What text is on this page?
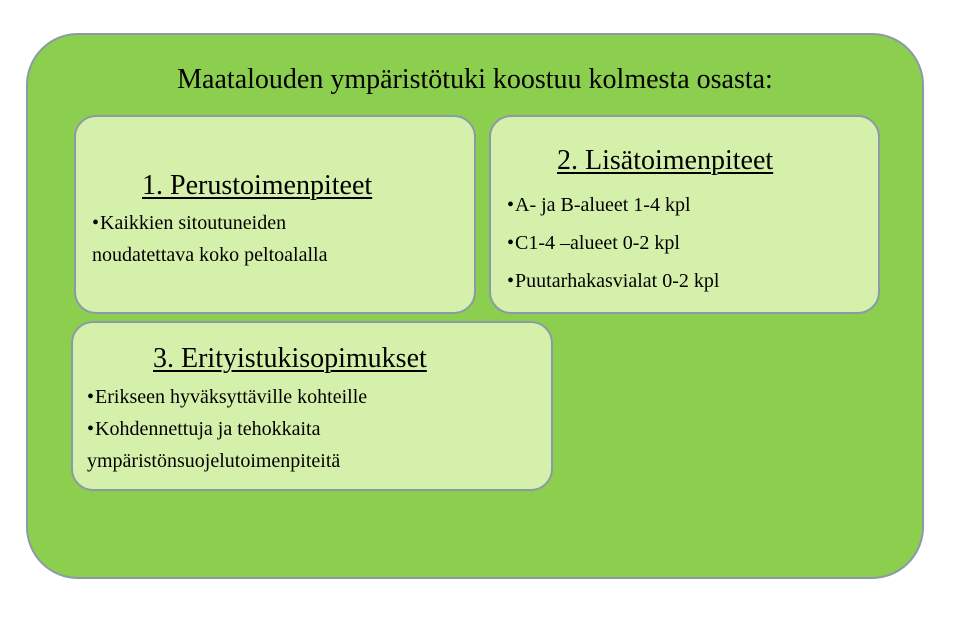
Maatalouden ympäristötuki koostuu kolmesta osasta:
1. Perustoimenpiteet
•Kaikkien sitoutuneiden
noudatettava koko peltoalalla
2. Lisätoimenpiteet
•A- ja B-alueet 1-4 kpl
•C1-4 –alueet 0-2 kpl
•Puutarhakasvialat 0-2 kpl
3. Erityistukisopimukset
•Erikseen hyväksyttäville kohteille
•Kohdennettuja ja tehokkaita
ympäristönsuojelutoimenpiteitä
